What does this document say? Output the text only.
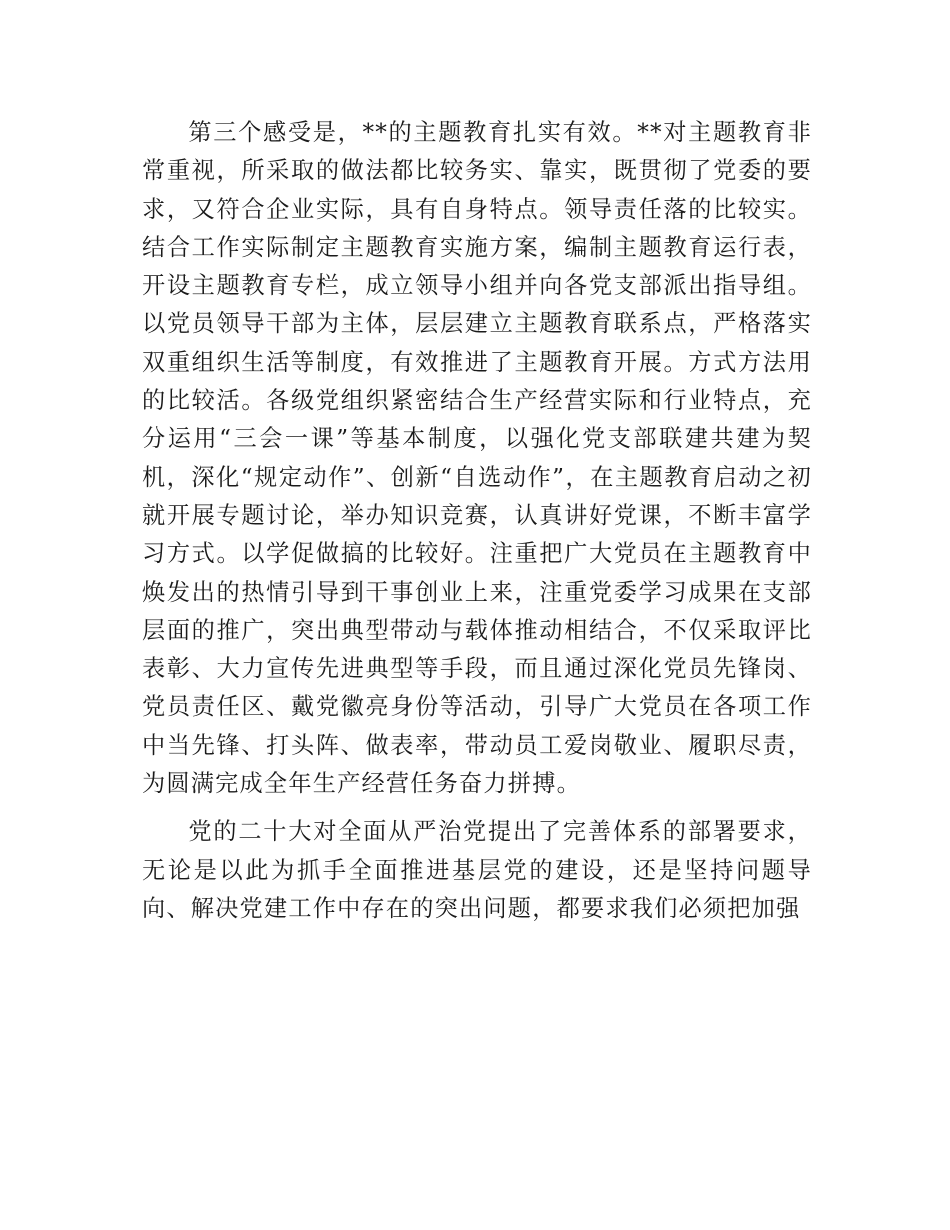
第三个感受是，**的主题教育扎实有效。**对主题教育非常重视，所采取的做法都比较务实、靠实，既贯彻了党委的要求，又符合企业实际，具有自身特点。领导责任落的比较实。结合工作实际制定主题教育实施方案，编制主题教育运行表，开设主题教育专栏，成立领导小组并向各党支部派出指导组。以党员领导干部为主体，层层建立主题教育联系点，严格落实双重组织生活等制度，有效推进了主题教育开展。方式方法用的比较活。各级党组织紧密结合生产经营实际和行业特点，充分运用“三会一课”等基本制度，以强化党支部联建共建为契机，深化“规定动作”、创新“自选动作”，在主题教育启动之初就开展专题讨论，举办知识竞赛，认真讲好党课，不断丰富学习方式。以学促做搞的比较好。注重把广大党员在主题教育中焕发出的热情引导到干事创业上来，注重党委学习成果在支部层面的推广，突出典型带动与载体推动相结合，不仅采取评比表彰、大力宣传先进典型等手段，而且通过深化党员先锋岗、党员责任区、戴党徽亮身份等活动，引导广大党员在各项工作中当先锋、打头阵、做表率，带动员工爱岗敬业、履职尽责，为圆满完成全年生产经营任务奋力拼搏。

党的二十大对全面从严治党提出了完善体系的部署要求，无论是以此为抓手全面推进基层党的建设，还是坚持问题导向、解决党建工作中存在的突出问题，都要求我们必须把加强
